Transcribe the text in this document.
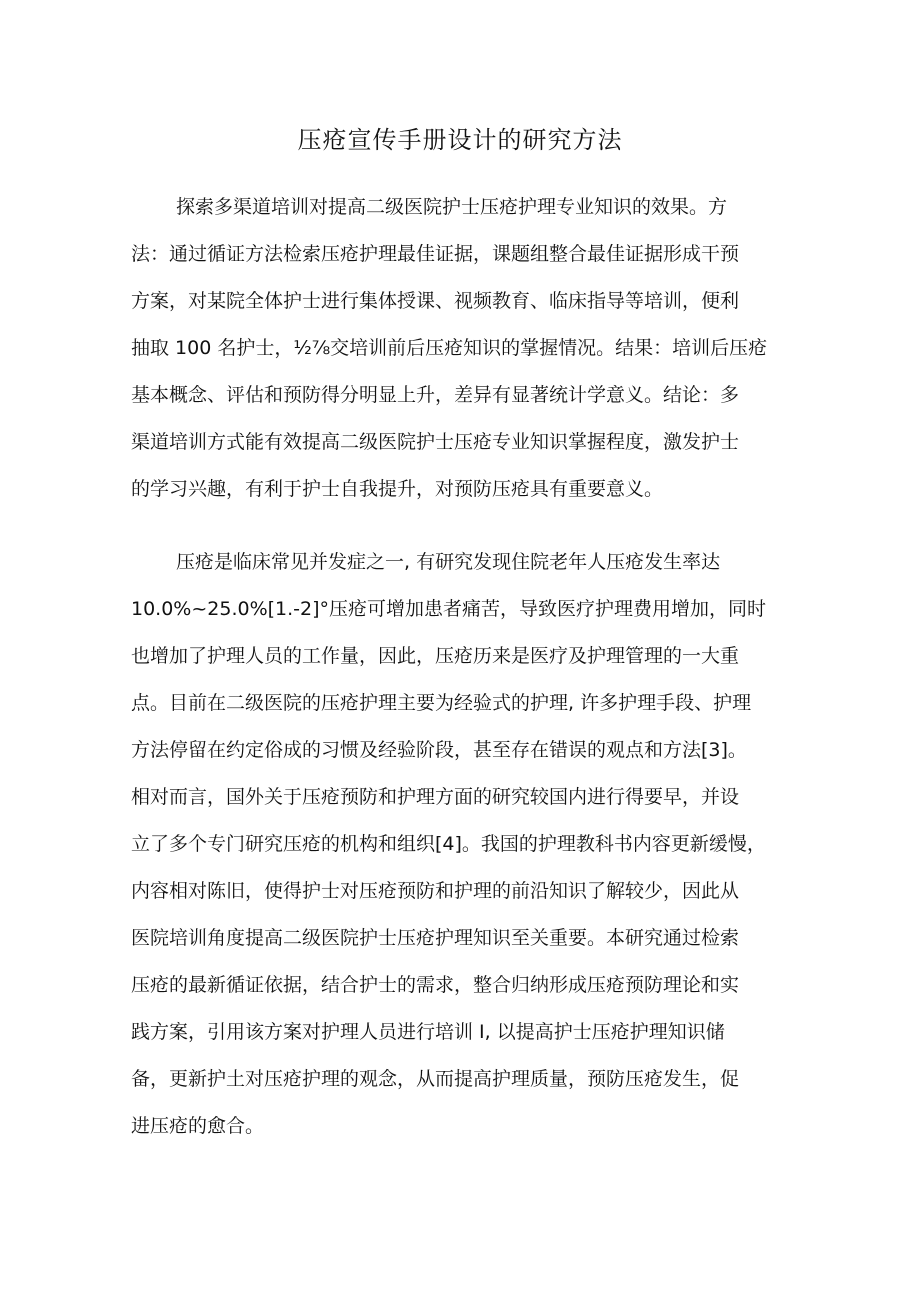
压疮宣传手册设计的研究方法
探索多渠道培训对提高二级医院护士压疮护理专业知识的效果。方
法：通过循证方法检索压疮护理最佳证据，课题组整合最佳证据形成干预
方案，对某院全体护士进行集体授课、视频教育、临床指导等培训，便利
抽取 100 名护士，½⅞交培训前后压疮知识的掌握情况。结果：培训后压疮
基本概念、评估和预防得分明显上升，差异有显著统计学意义。结论：多
渠道培训方式能有效提高二级医院护士压疮专业知识掌握程度，激发护士
的学习兴趣，有利于护士自我提升，对预防压疮具有重要意义。
压疮是临床常见并发症之一, 有研究发现住院老年人压疮发生率达
10.0%~25.0%[1.-2]°压疮可增加患者痛苦，导致医疗护理费用增加，同时
也增加了护理人员的工作量，因此，压疮历来是医疗及护理管理的一大重
点。目前在二级医院的压疮护理主要为经验式的护理, 许多护理手段、护理
方法停留在约定俗成的习惯及经验阶段，甚至存在错误的观点和方法[3]。
相对而言，国外关于压疮预防和护理方面的研究较国内进行得要早，并设
立了多个专门研究压疮的机构和组织[4]。我国的护理教科书内容更新缓慢，
内容相对陈旧，使得护士对压疮预防和护理的前沿知识了解较少，因此从
医院培训角度提高二级医院护士压疮护理知识至关重要。本研究通过检索
压疮的最新循证依据，结合护士的需求，整合归纳形成压疮预防理论和实
践方案，引用该方案对护理人员进行培训 I, 以提高护士压疮护理知识储
备，更新护土对压疮护理的观念，从而提高护理质量，预防压疮发生，促
进压疮的愈合。
